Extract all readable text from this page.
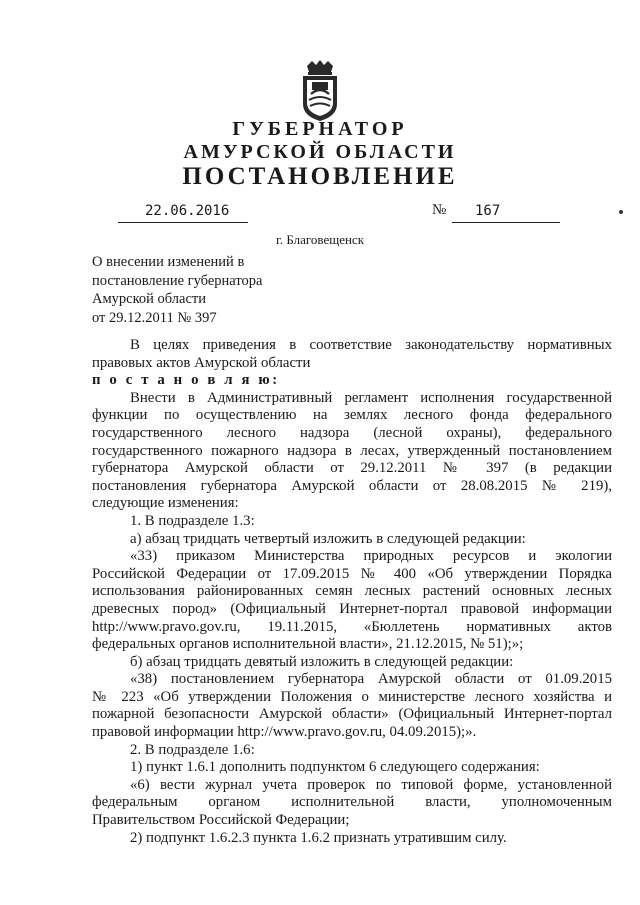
ГУБЕРНАТОР
АМУРСКОЙ ОБЛАСТИ
ПОСТАНОВЛЕНИЕ
22.06.2016	№ 167
г. Благовещенск
О внесении изменений в
постановление губернатора
Амурской области
от 29.12.2011 № 397
В целях приведения в соответствие законодательству нормативных
правовых актов Амурской области
п о с т а н о в л я ю:
Внести в Административный регламент исполнения государственной
функции по осуществлению на землях лесного фонда федерального
государственного лесного надзора (лесной охраны), федерального
государственного пожарного надзора в лесах, утвержденный постановлением
губернатора Амурской области от 29.12.2011 № 397 (в редакции
постановления губернатора Амурской области от 28.08.2015 № 219),
следующие изменения:
1. В подразделе 1.3:
а) абзац тридцать четвертый изложить в следующей редакции:
«33) приказом Министерства природных ресурсов и экологии
Российской Федерации от 17.09.2015 № 400 «Об утверждении Порядка
использования районированных семян лесных растений основных лесных
древесных пород» (Официальный Интернет-портал правовой информации
http://www.pravo.gov.ru, 19.11.2015, «Бюллетень нормативных актов
федеральных органов исполнительной власти», 21.12.2015, № 51);»;
б) абзац тридцать девятый изложить в следующей редакции:
«38) постановлением губернатора Амурской области от 01.09.2015
№ 223 «Об утверждении Положения о министерстве лесного хозяйства и
пожарной безопасности Амурской области» (Официальный Интернет-портал
правовой информации http://www.pravo.gov.ru, 04.09.2015);».
2. В подразделе 1.6:
1) пункт 1.6.1 дополнить подпунктом 6 следующего содержания:
«6) вести журнал учета проверок по типовой форме, установленной
федеральным органом исполнительной власти, уполномоченным
Правительством Российской Федерации;
2) подпункт 1.6.2.3 пункта 1.6.2 признать утратившим силу.
